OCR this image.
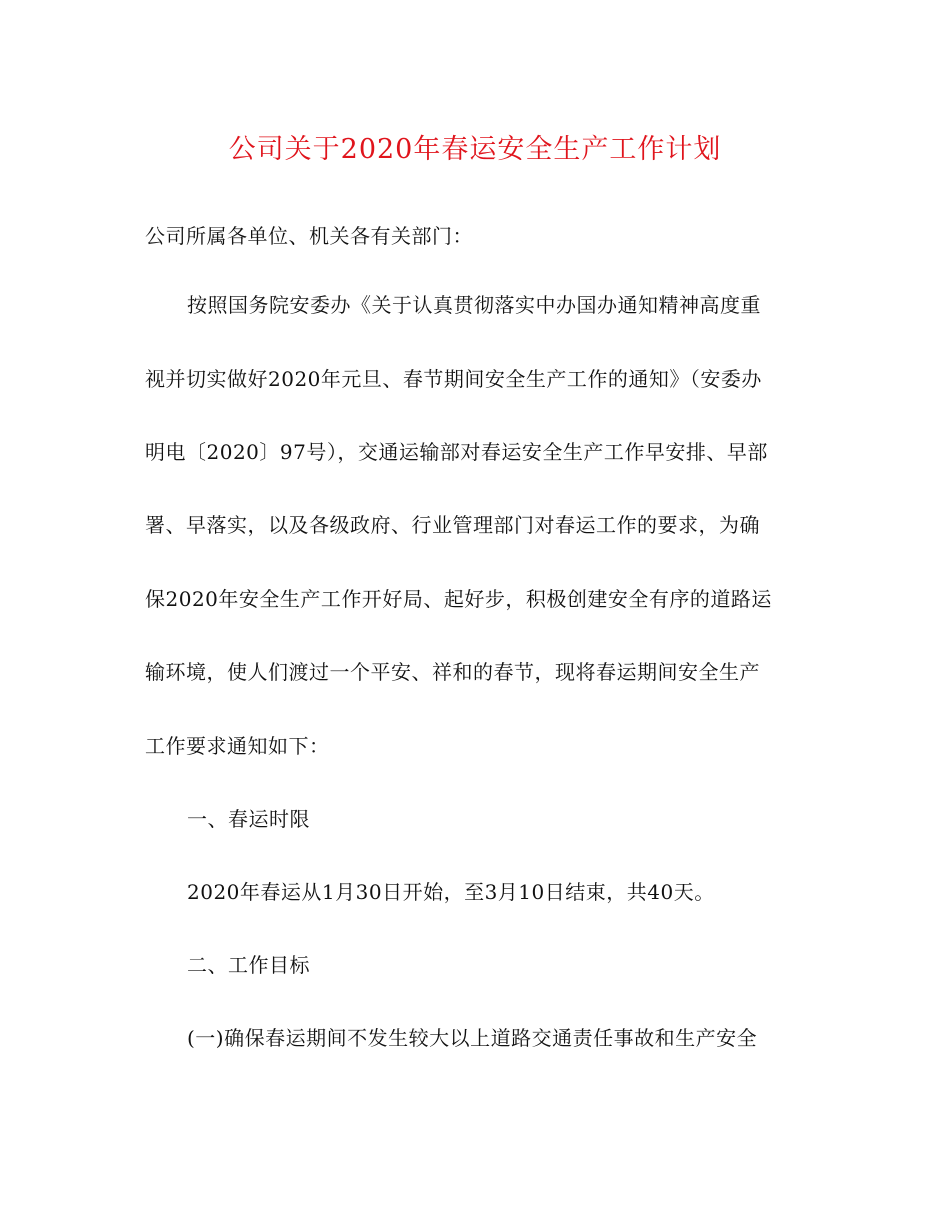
公司关于2020年春运安全生产工作计划
公司所属各单位、机关各有关部门：
按照国务院安委办《关于认真贯彻落实中办国办通知精神高度重
视并切实做好2020年元旦、春节期间安全生产工作的通知》（安委办
明电〔2020〕97号），交通运输部对春运安全生产工作早安排、早部
署、早落实，以及各级政府、行业管理部门对春运工作的要求，为确
保2020年安全生产工作开好局、起好步，积极创建安全有序的道路运
输环境，使人们渡过一个平安、祥和的春节，现将春运期间安全生产
工作要求通知如下：
一、春运时限
2020年春运从1月30日开始，至3月10日结束，共40天。
二、工作目标
(一)确保春运期间不发生较大以上道路交通责任事故和生产安全
